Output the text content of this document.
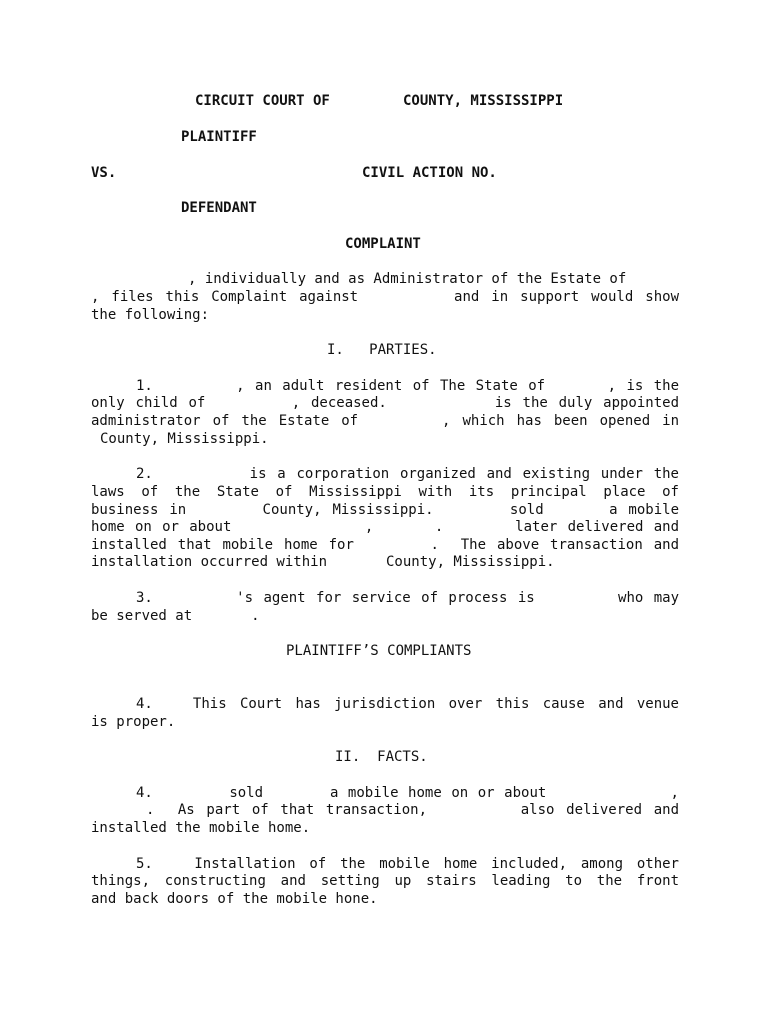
CIRCUIT COURT OF	COUNTY, MISSISSIPPI
PLAINTIFF
VS.	CIVIL ACTION NO.
DEFENDANT
COMPLAINT
, individually and as Administrator of the Estate of
, files this Complaint against        and in support would show
the following:
I.   PARTIES.
1.        , an adult resident of The State of      , is the
only child of        , deceased.          is the duly appointed
administrator of the Estate of       , which has been opened in
County, Mississippi.
2.         is a corporation organized and existing under the
laws of the State of Mississippi with its principal place of
business in       County, Mississippi.       sold      a mobile
home on or about             ,      .       later delivered and
installed that mobile home for       .  The above transaction and
installation occurred within       County, Mississippi.
3.        's agent for service of process is        who may
be served at       .
PLAINTIFF’S COMPLIANTS
4.   This Court has jurisdiction over this cause and venue
is proper.
II.  FACTS.
4.        sold       a mobile home on or about             ,
.  As part of that transaction,        also delivered and
installed the mobile home.
5.   Installation of the mobile home included, among other
things, constructing and setting up stairs leading to the front
and back doors of the mobile hone.
